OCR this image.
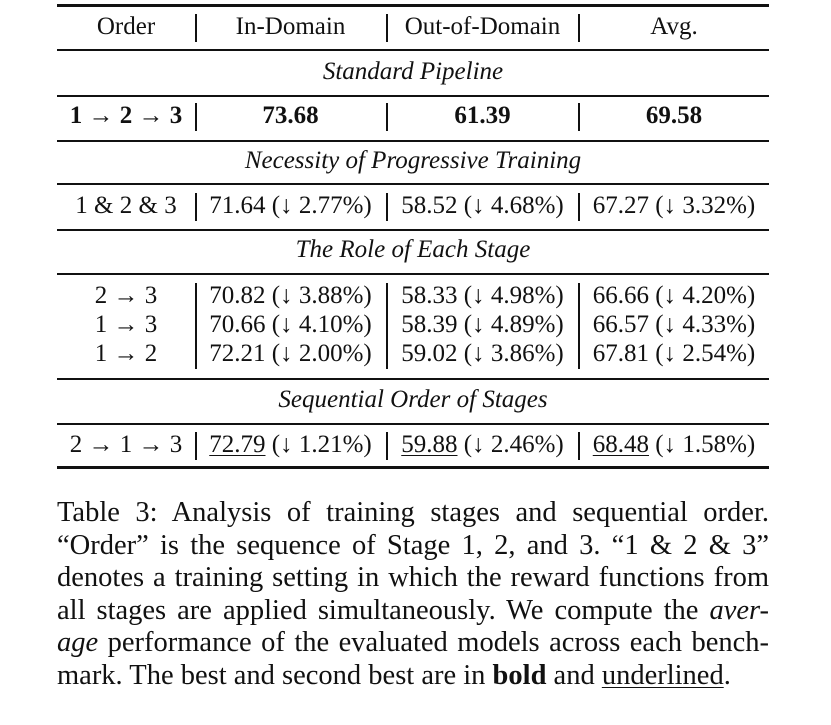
Order	In-Domain	Out-of-Domain	Avg.
Standard Pipeline
1 → 2 → 3	73.68	61.39	69.58
Necessity of Progressive Training
1 & 2 & 3	71.64 (↓ 2.77%)	58.52 (↓ 4.68%)	67.27 (↓ 3.32%)
The Role of Each Stage
2 → 3	70.82 (↓ 3.88%)	58.33 (↓ 4.98%)	66.66 (↓ 4.20%)
1 → 3	70.66 (↓ 4.10%)	58.39 (↓ 4.89%)	66.57 (↓ 4.33%)
1 → 2	72.21 (↓ 2.00%)	59.02 (↓ 3.86%)	67.81 (↓ 2.54%)
Sequential Order of Stages
2 → 1 → 3	72.79 (↓ 1.21%)	59.88 (↓ 2.46%)	68.48 (↓ 1.58%)
Table 3: Analysis of training stages and sequential order.
“Order” is the sequence of Stage 1, 2, and 3. “1 & 2 & 3”
denotes a training setting in which the reward functions from
all stages are applied simultaneously. We compute the aver-
age performance of the evaluated models across each bench-
mark. The best and second best are in bold and underlined.
